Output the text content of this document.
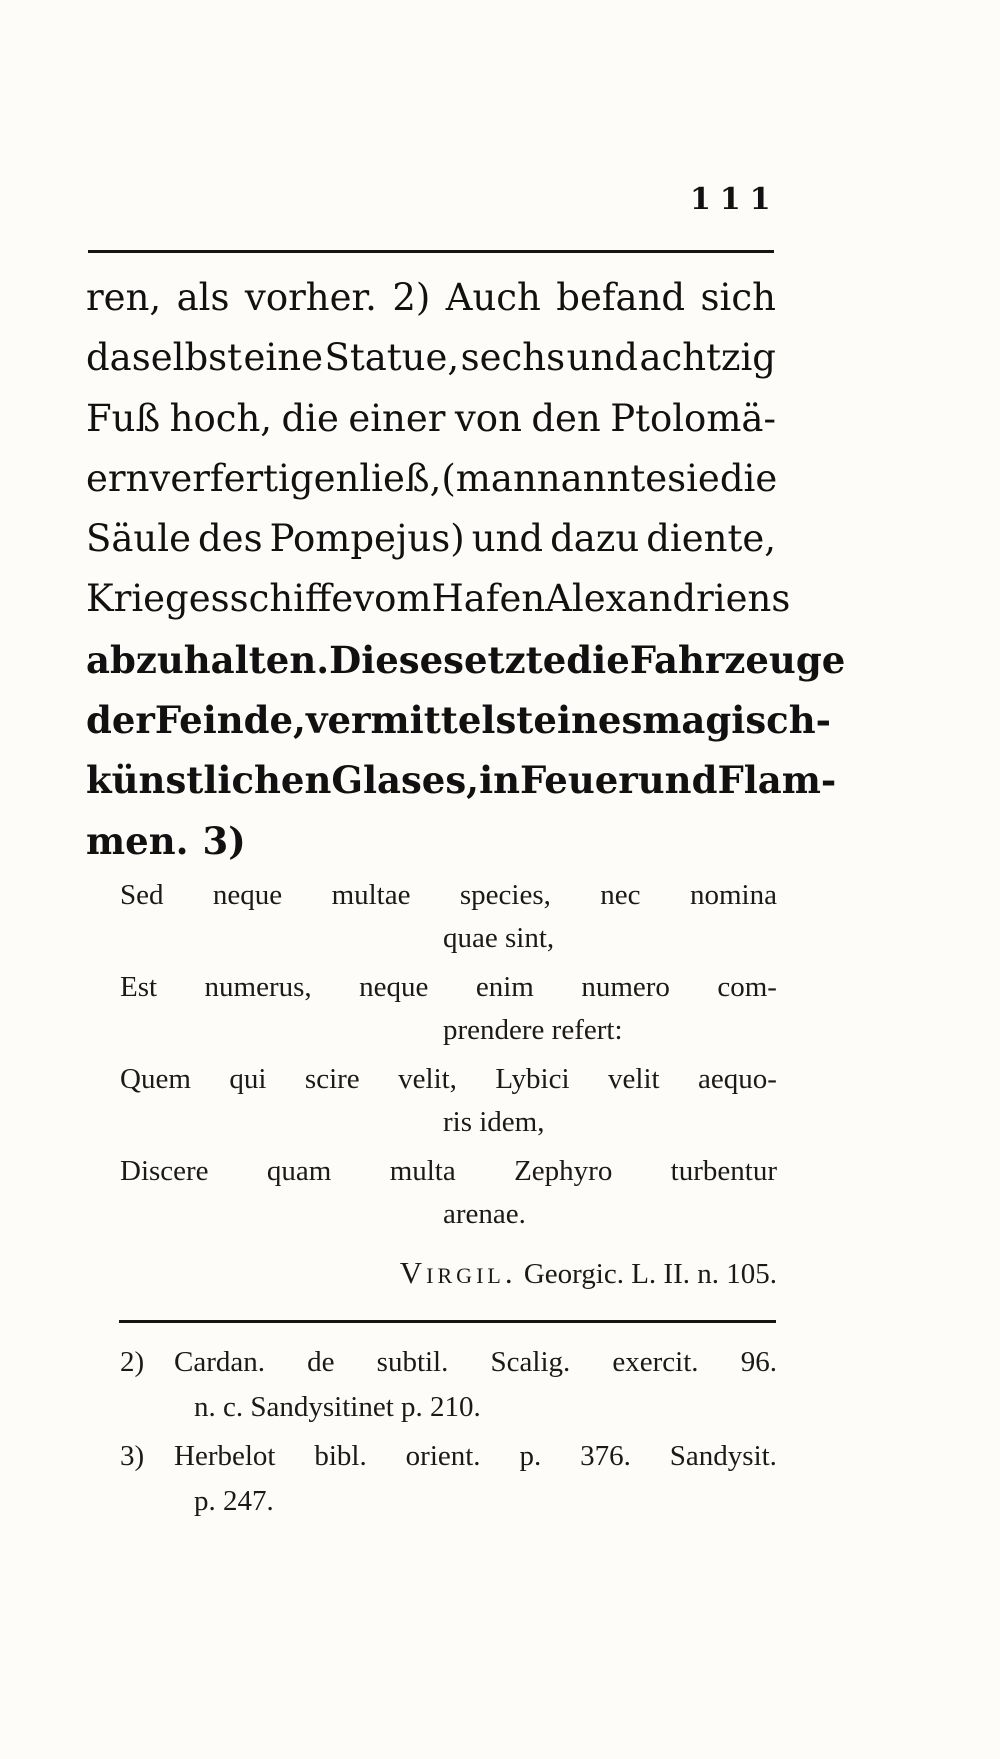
111
ren, als vorher. 2) Auch befand sich
daselbst eine Statue, sechs und achtzig
Fuß hoch, die einer von den Ptolomä-
ern verfertigen ließ, (man nannte sie die
Säule des Pompejus) und dazu diente,
Kriegesschiffe vom Hafen Alexandriens
abzuhalten. Diese setzte die Fahrzeuge
der Feinde, vermittelst eines magisch-
künstlichen Glases, in Feuer und Flam-
men. 3)
Sed neque multae species, nec nomina
quae sint,
Est numerus, neque enim numero com-
prendere refert:
Quem qui scire velit, Lybici velit aequo-
ris idem,
Discere quam multa Zephyro turbentur
arenae.
Virgil. Georgic. L. II. n. 105.
2)	Cardan. de subtil. Scalig. exercit. 96.
n. c. Sandysitinet p. 210.
3)	Herbelot bibl. orient. p. 376. Sandysit.
p. 247.
